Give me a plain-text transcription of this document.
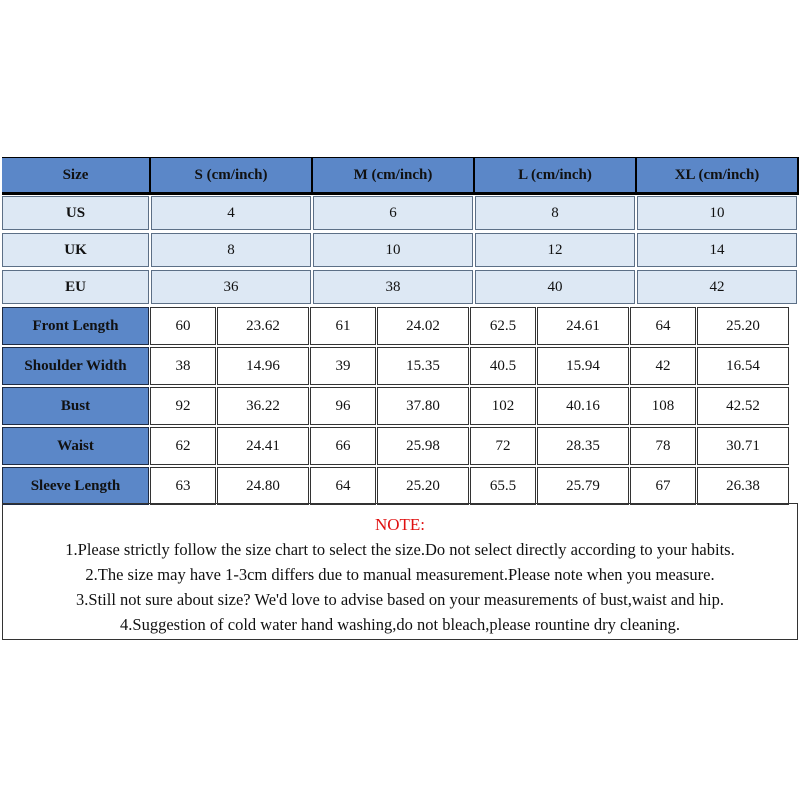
Size	S (cm/inch)	M (cm/inch)	L (cm/inch)	XL (cm/inch)
US	4	6	8	10
UK	8	10	12	14
EU	36	38	40	42
Front Length	60	23.62	61	24.02	62.5	24.61	64	25.20
Shoulder Width	38	14.96	39	15.35	40.5	15.94	42	16.54
Bust	92	36.22	96	37.80	102	40.16	108	42.52
Waist	62	24.41	66	25.98	72	28.35	78	30.71
Sleeve Length	63	24.80	64	25.20	65.5	25.79	67	26.38
NOTE:
1.Please strictly follow the size chart to select the size.Do not select directly according to your habits.
2.The size may have 1-3cm differs due to manual measurement.Please note when you measure.
3.Still not sure about size? We'd love to advise based on your measurements of bust,waist and hip.
4.Suggestion of cold water hand washing,do not bleach,please rountine dry cleaning.
